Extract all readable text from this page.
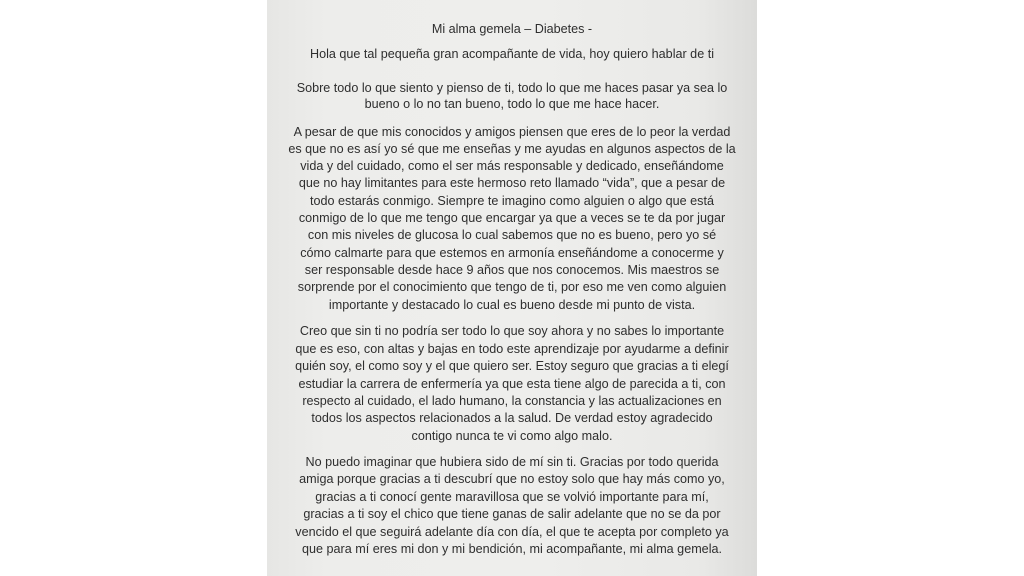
Mi alma gemela – Diabetes -
Hola que tal pequeña gran acompañante de vida, hoy quiero hablar de ti
Sobre todo lo que siento y pienso de ti, todo lo que me haces pasar ya sea lo
bueno o lo no tan bueno, todo lo que me hace hacer.
A pesar de que mis conocidos y amigos piensen que eres de lo peor la verdad
es que no es así yo sé que me enseñas y me ayudas en algunos aspectos de la
vida y del cuidado, como el ser más responsable y dedicado, enseñándome
que no hay limitantes para este hermoso reto llamado “vida”, que a pesar de
todo estarás conmigo. Siempre te imagino como alguien o algo que está
conmigo de lo que me tengo que encargar ya que a veces se te da por jugar
con mis niveles de glucosa lo cual sabemos que no es bueno, pero yo sé
cómo calmarte para que estemos en armonía enseñándome a conocerme y
ser responsable desde hace 9 años que nos conocemos. Mis maestros se
sorprende por el conocimiento que tengo de ti, por eso me ven como alguien
importante y destacado lo cual es bueno desde mi punto de vista.
Creo que sin ti no podría ser todo lo que soy ahora y no sabes lo importante
que es eso, con altas y bajas en todo este aprendizaje por ayudarme a definir
quién soy, el como soy y el que quiero ser. Estoy seguro que gracias a ti elegí
estudiar la carrera de enfermería ya que esta tiene algo de parecida a ti, con
respecto al cuidado, el lado humano, la constancia y las actualizaciones en
todos los aspectos relacionados a la salud. De verdad estoy agradecido
contigo nunca te vi como algo malo.
No puedo imaginar que hubiera sido de mí sin ti. Gracias por todo querida
amiga porque gracias a ti descubrí que no estoy solo que hay más como yo,
gracias a ti conocí gente maravillosa que se volvió importante para mí,
gracias a ti soy el chico que tiene ganas de salir adelante que no se da por
vencido el que seguirá adelante día con día, el que te acepta por completo ya
que para mí eres mi don y mi bendición, mi acompañante, mi alma gemela.
